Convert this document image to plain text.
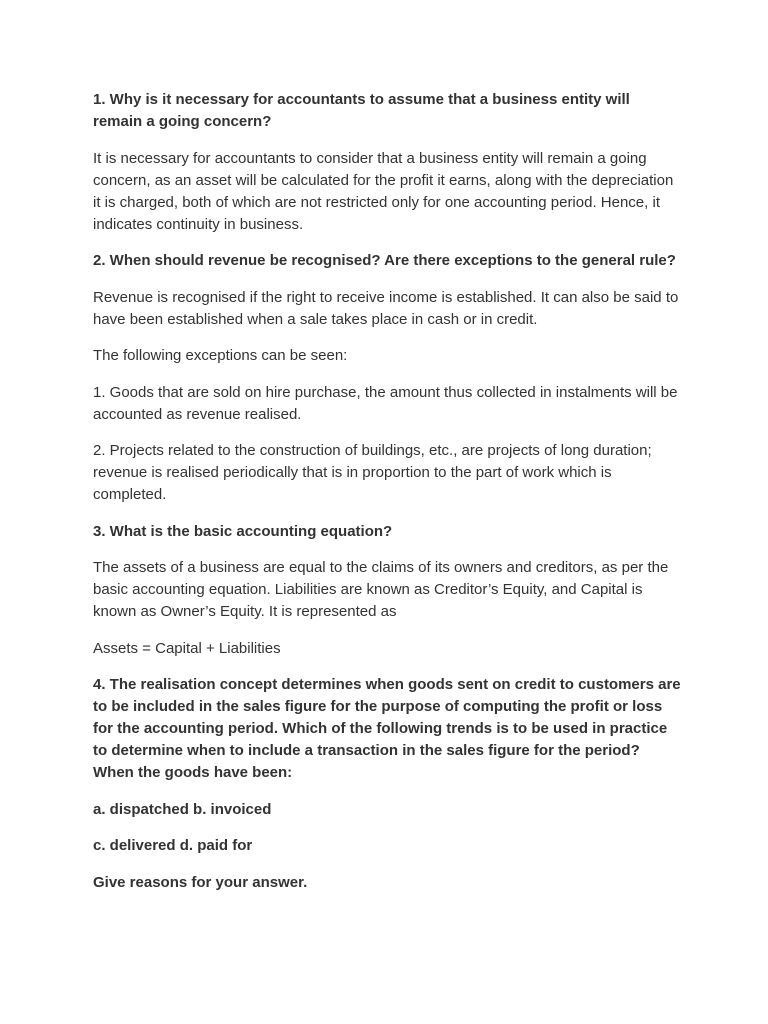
1. Why is it necessary for accountants to assume that a business entity will remain a going concern?

It is necessary for accountants to consider that a business entity will remain a going concern, as an asset will be calculated for the profit it earns, along with the depreciation it is charged, both of which are not restricted only for one accounting period. Hence, it indicates continuity in business.

2. When should revenue be recognised? Are there exceptions to the general rule?

Revenue is recognised if the right to receive income is established. It can also be said to have been established when a sale takes place in cash or in credit.

The following exceptions can be seen:

1. Goods that are sold on hire purchase, the amount thus collected in instalments will be accounted as revenue realised.

2. Projects related to the construction of buildings, etc., are projects of long duration; revenue is realised periodically that is in proportion to the part of work which is completed.

3. What is the basic accounting equation?

The assets of a business are equal to the claims of its owners and creditors, as per the basic accounting equation. Liabilities are known as Creditor’s Equity, and Capital is known as Owner’s Equity. It is represented as

Assets = Capital + Liabilities

4. The realisation concept determines when goods sent on credit to customers are to be included in the sales figure for the purpose of computing the profit or loss for the accounting period. Which of the following trends is to be used in practice to determine when to include a transaction in the sales figure for the period? When the goods have been:

a. dispatched b. invoiced

c. delivered d. paid for

Give reasons for your answer.
